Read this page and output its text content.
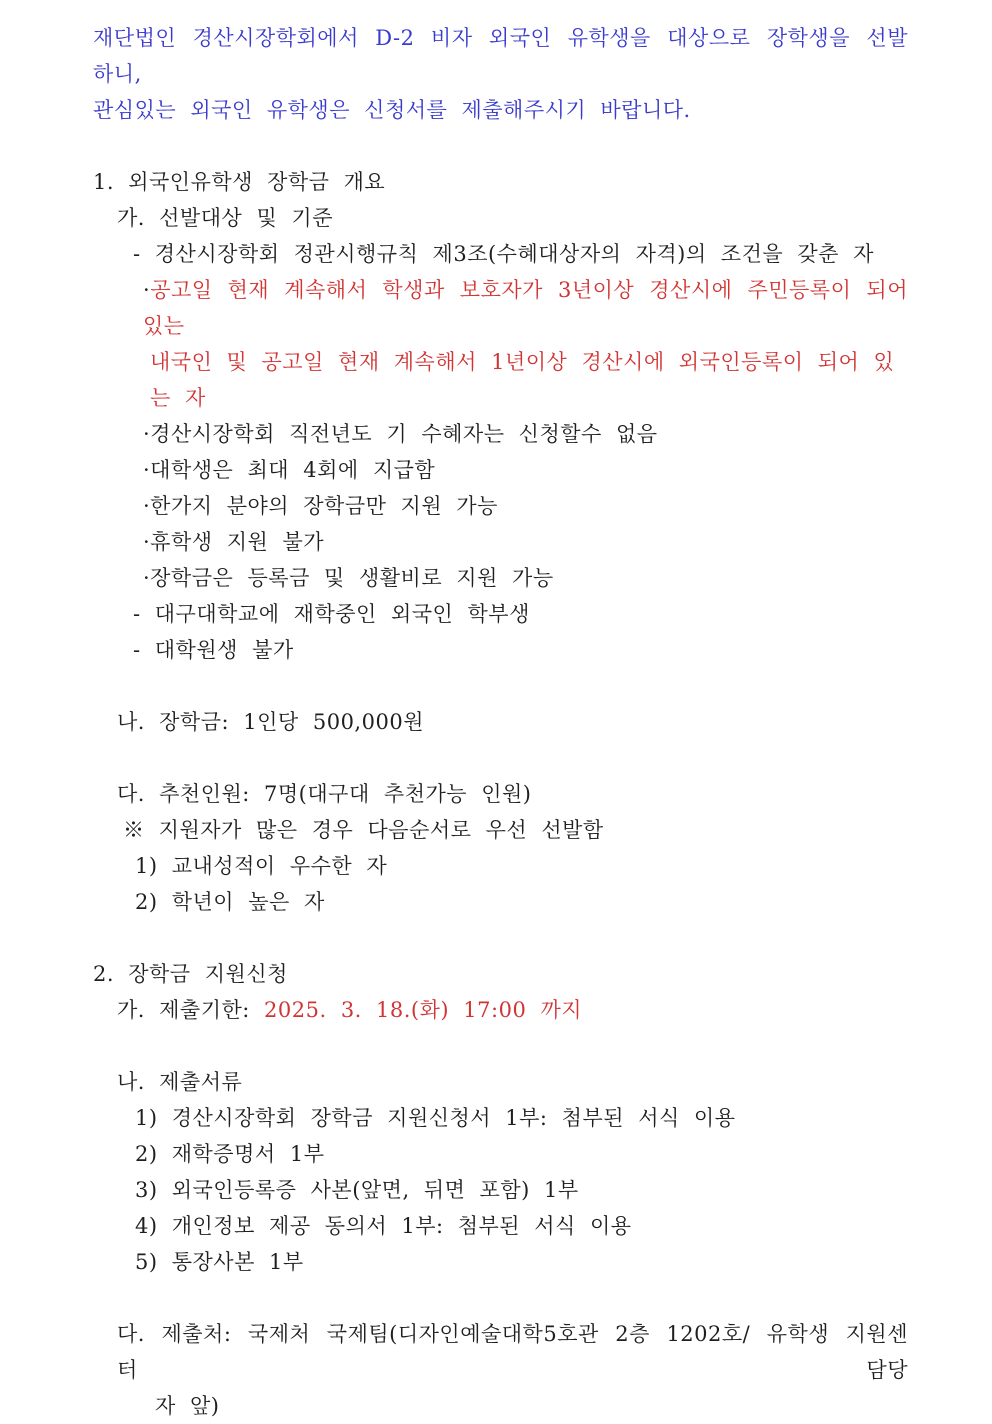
재단법인 경산시장학회에서 D-2 비자 외국인 유학생을 대상으로 장학생을 선발하니,
관심있는 외국인 유학생은 신청서를 제출해주시기 바랍니다.
1. 외국인유학생 장학금 개요
가. 선발대상 및 기준
- 경산시장학회 정관시행규칙 제3조(수혜대상자의 자격)의 조건을 갖춘 자
·공고일 현재 계속해서 학생과 보호자가 3년이상 경산시에 주민등록이 되어있는
내국인 및 공고일 현재 계속해서 1년이상 경산시에 외국인등록이 되어 있는 자
·경산시장학회 직전년도 기 수혜자는 신청할수 없음
·대학생은 최대 4회에 지급함
·한가지 분야의 장학금만 지원 가능
·휴학생 지원 불가
·장학금은 등록금 및 생활비로 지원 가능
- 대구대학교에 재학중인 외국인 학부생
- 대학원생 불가
나. 장학금: 1인당 500,000원
다. 추천인원: 7명(대구대 추천가능 인원)
※ 지원자가 많은 경우 다음순서로 우선 선발함
1) 교내성적이 우수한 자
2) 학년이 높은 자
2. 장학금 지원신청
가. 제출기한: 2025. 3. 18.(화) 17:00 까지
나. 제출서류
1) 경산시장학회 장학금 지원신청서 1부: 첨부된 서식 이용
2) 재학증명서 1부
3) 외국인등록증 사본(앞면, 뒤면 포함) 1부
4) 개인정보 제공 동의서 1부: 첨부된 서식 이용
5) 통장사본 1부
다. 제출처: 국제처 국제팀(디자인예술대학5호관 2층 1202호/ 유학생 지원센터 담당
자 앞)
